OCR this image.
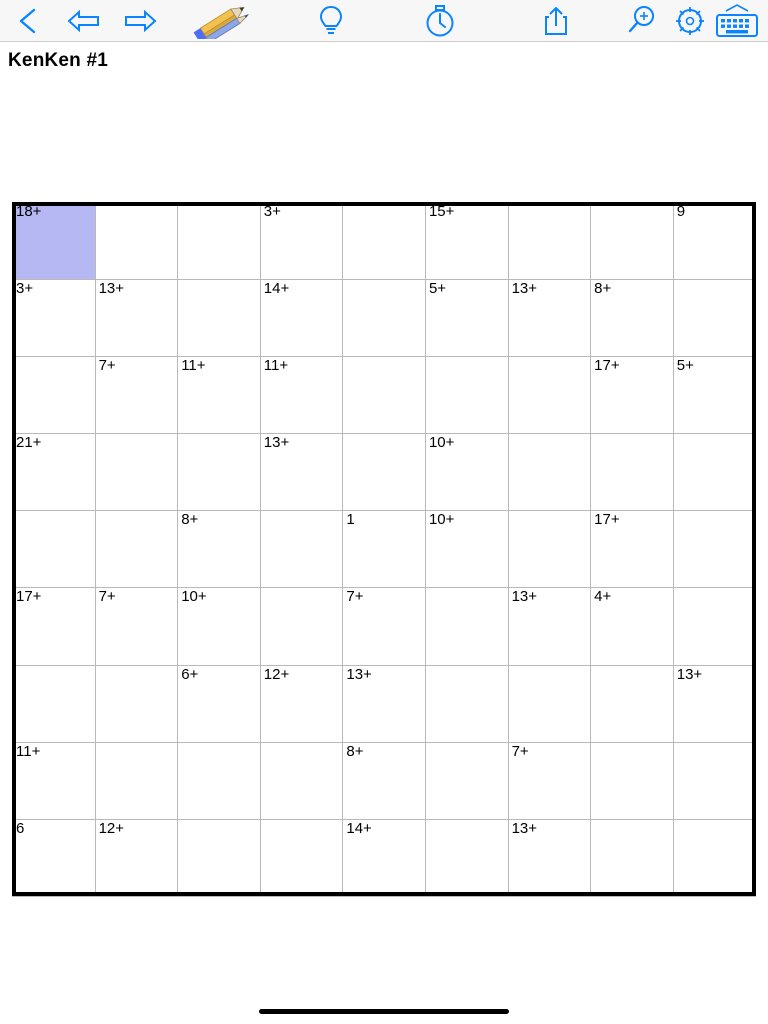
KenKen #1
18+			3+		15+			9

3+	13+		14+		5+	13+	8+	

	7+	11+	11+				17+	5+

21+			13+		10+			

		8+		1	10+		17+	

17+	7+	10+		7+		13+	4+	

		6+	12+	13+				13+

11+				8+		7+		

6	12+			14+		13+		
